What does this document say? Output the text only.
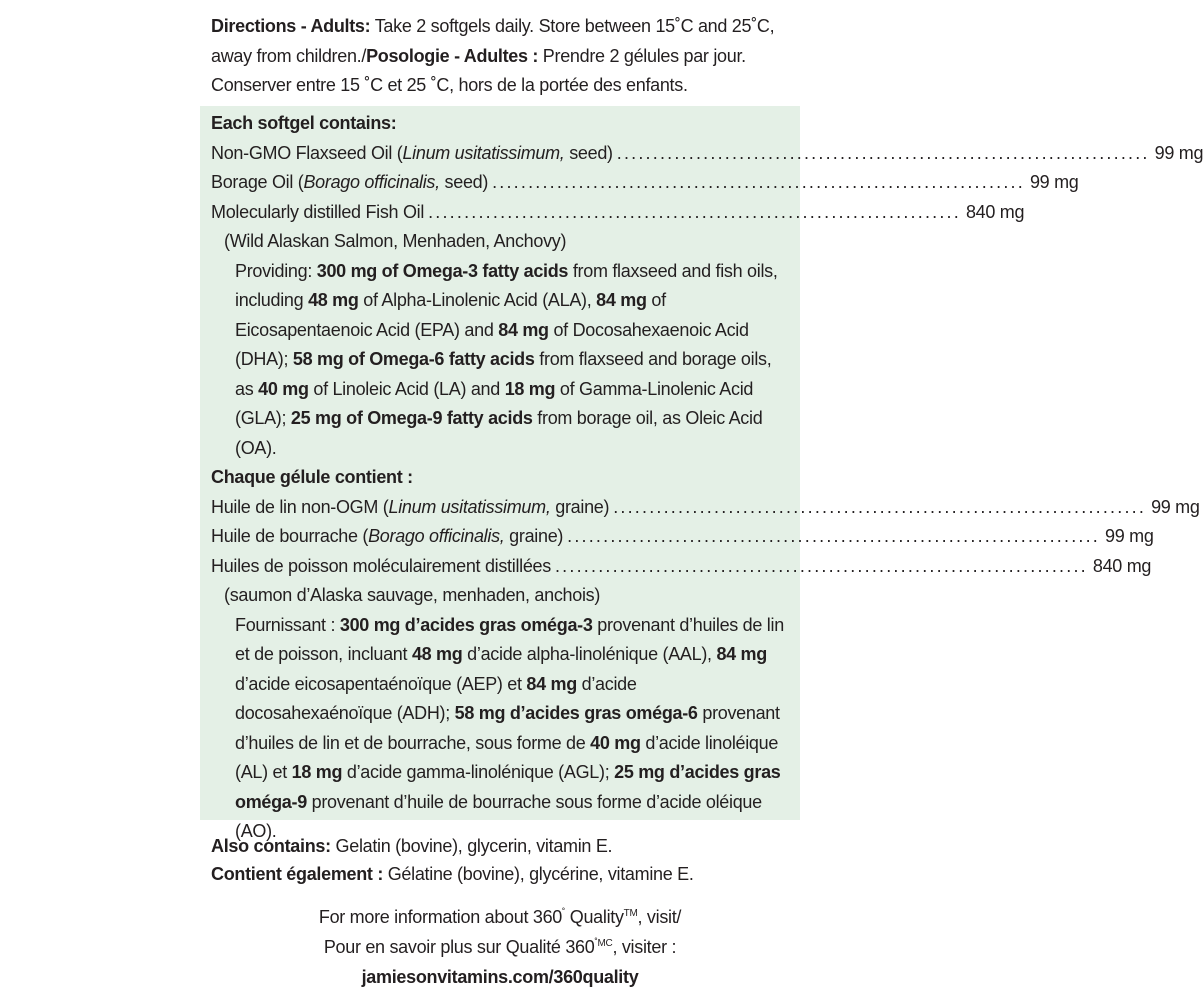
Directions - Adults: Take 2 softgels daily. Store between 15˚C and 25˚C, away from children./Posologie - Adultes : Prendre 2 gélules par jour. Conserver entre 15 ˚C et 25 ˚C, hors de la portée des enfants.
Each softgel contains:
Non-GMO Flaxseed Oil (Linum usitatissimum, seed) .......................................................................... 99 mg
Borage Oil (Borago officinalis, seed) .......................................................................... 99 mg
Molecularly distilled Fish Oil .......................................................................... 840 mg
(Wild Alaskan Salmon, Menhaden, Anchovy)
Providing: 300 mg of Omega-3 fatty acids from flaxseed and fish oils, including 48 mg of Alpha-Linolenic Acid (ALA), 84 mg of Eicosapentaenoic Acid (EPA) and 84 mg of Docosahexaenoic Acid (DHA); 58 mg of Omega-6 fatty acids from flaxseed and borage oils, as 40 mg of Linoleic Acid (LA) and 18 mg of Gamma-Linolenic Acid (GLA); 25 mg of Omega-9 fatty acids from borage oil, as Oleic Acid (OA).
Chaque gélule contient :
Huile de lin non-OGM (Linum usitatissimum, graine) .......................................................................... 99 mg
Huile de bourrache (Borago officinalis, graine) .......................................................................... 99 mg
Huiles de poisson moléculairement distillées .......................................................................... 840 mg
(saumon d’Alaska sauvage, menhaden, anchois)
Fournissant : 300 mg d’acides gras oméga-3 provenant d’huiles de lin et de poisson, incluant 48 mg d’acide alpha-linolénique (AAL), 84 mg d’acide eicosapentaénoïque (AEP) et 84 mg d’acide docosahexaénoïque (ADH); 58 mg d’acides gras oméga-6 provenant d’huiles de lin et de bourrache, sous forme de 40 mg d’acide linoléique (AL) et 18 mg d’acide gamma-linolénique (AGL); 25 mg d’acides gras oméga-9 provenant d’huile de bourrache sous forme d’acide oléique (AO).
Also contains: Gelatin (bovine), glycerin, vitamin E.
Contient également : Gélatine (bovine), glycérine, vitamine E.
For more information about 360˚ Quality™, visit/
Pour en savoir plus sur Qualité $360^{˚MC}$, visiter :
jamiesonvitamins.com/360quality
